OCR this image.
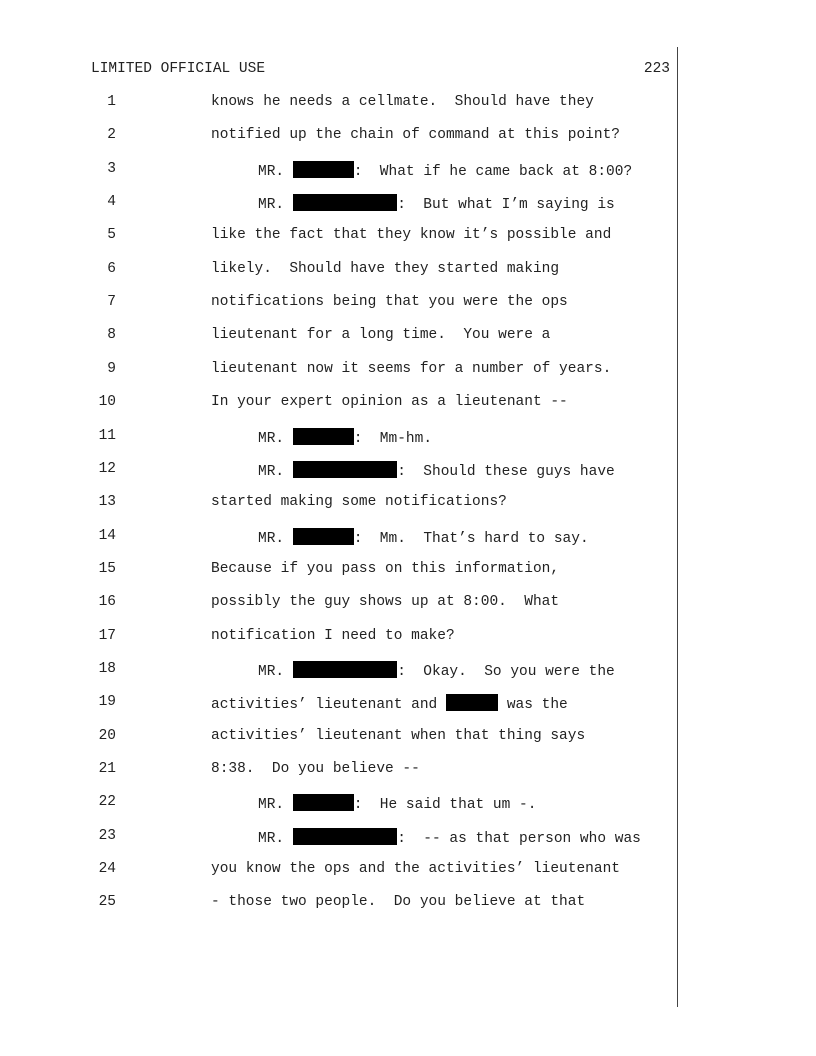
LIMITED OFFICIAL USE	223
1	knows he needs a cellmate.  Should have they
2	notified up the chain of command at this point?
3	MR.	:  What if he came back at 8:00?
4	MR.	:  But what I’m saying is
5	like the fact that they know it’s possible and
6	likely.  Should have they started making
7	notifications being that you were the ops
8	lieutenant for a long time.  You were a
9	lieutenant now it seems for a number of years.
10	In your expert opinion as a lieutenant --
11	MR.	:  Mm-hm.
12	MR.	:  Should these guys have
13	started making some notifications?
14	MR.	:  Mm.  That’s hard to say.
15	Because if you pass on this information,
16	possibly the guy shows up at 8:00.  What
17	notification I need to make?
18	MR.	:  Okay.  So you were the
19	activities’ lieutenant and	was the
20	activities’ lieutenant when that thing says
21	8:38.  Do you believe --
22	MR.	:  He said that um -.
23	MR.	:  -- as that person who was
24	you know the ops and the activities’ lieutenant
25	- those two people.  Do you believe at that
